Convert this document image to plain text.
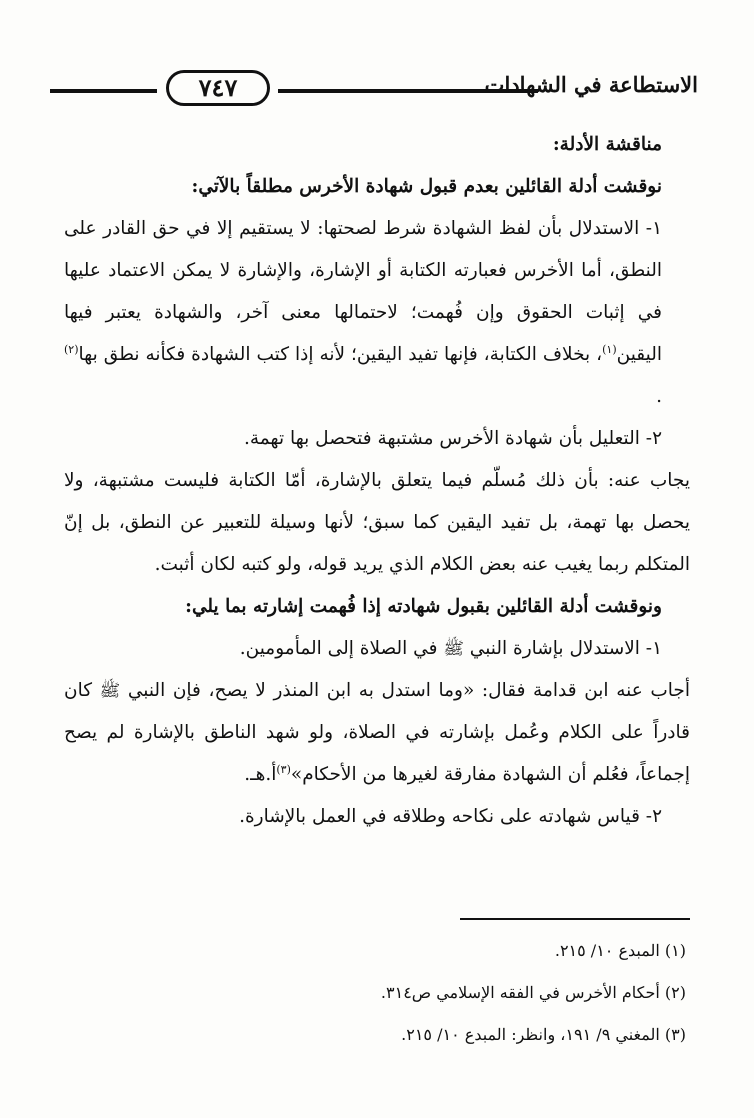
٧٤٧	الاستطاعة في الشهادات

مناقشة الأدلة:

نوقشت أدلة القائلين بعدم قبول شهادة الأخرس مطلقاً بالآتي:

١- الاستدلال بأن لفظ الشهادة شرط لصحتها: لا يستقيم إلا في حق القادر على النطق، أما الأخرس فعبارته الكتابة أو الإشارة، والإشارة لا يمكن الاعتماد عليها في إثبات الحقوق وإن فُهمت؛ لاحتمالها معنى آخر، والشهادة يعتبر فيها اليقين$^{(١)}$، بخلاف الكتابة، فإنها تفيد اليقين؛ لأنه إذا كتب الشهادة فكأنه نطق بها$^{(٢)}$ .

٢- التعليل بأن شهادة الأخرس مشتبهة فتحصل بها تهمة.

يجاب عنه: بأن ذلك مُسلّم فيما يتعلق بالإشارة، أمّا الكتابة فليست مشتبهة، ولا يحصل بها تهمة، بل تفيد اليقين كما سبق؛ لأنها وسيلة للتعبير عن النطق، بل إنّ المتكلم ربما يغيب عنه بعض الكلام الذي يريد قوله، ولو كتبه لكان أثبت.

ونوقشت أدلة القائلين بقبول شهادته إذا فُهمت إشارته بما يلي:

١- الاستدلال بإشارة النبي ﷺ في الصلاة إلى المأمومين.

أجاب عنه ابن قدامة فقال: «وما استدل به ابن المنذر لا يصح، فإن النبي ﷺ كان قادراً على الكلام وعُمل بإشارته في الصلاة، ولو شهد الناطق بالإشارة لم يصح إجماعاً، فعُلم أن الشهادة مفارقة لغيرها من الأحكام»$^{(٣)}$أ.هـ.

٢- قياس شهادته على نكاحه وطلاقه في العمل بالإشارة.

(١) المبدع ١٠/ ٢١٥.

(٢) أحكام الأخرس في الفقه الإسلامي ص٣١٤.

(٣) المغني ٩/ ١٩١، وانظر: المبدع ١٠/ ٢١٥.
